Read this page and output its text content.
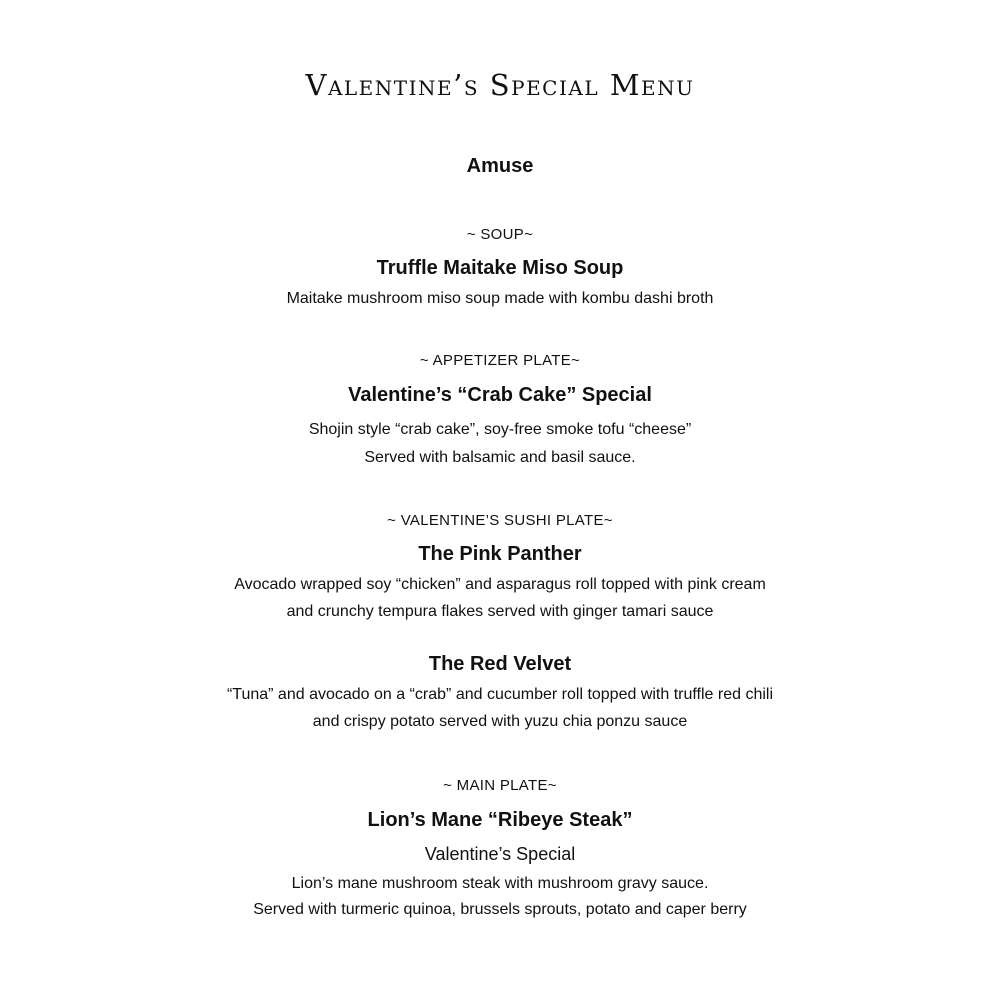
Valentine’s Special Menu

Amuse

~ SOUP~

Truffle Maitake Miso Soup

Maitake mushroom miso soup made with kombu dashi broth

~ APPETIZER PLATE~

Valentine’s “Crab Cake” Special

Shojin style “crab cake”, soy-free smoke tofu “cheese”

Served with balsamic and basil sauce.

~ VALENTINE’S SUSHI PLATE~

The Pink Panther

Avocado wrapped soy “chicken” and asparagus roll topped with pink cream

and crunchy tempura flakes served with ginger tamari sauce

The Red Velvet

“Tuna” and avocado on a “crab” and cucumber roll topped with truffle red chili

and crispy potato served with yuzu chia ponzu sauce

~ MAIN PLATE~

Lion’s Mane “Ribeye Steak”

Valentine’s Special

Lion’s mane mushroom steak with mushroom gravy sauce.

Served with turmeric quinoa, brussels sprouts, potato and caper berry
